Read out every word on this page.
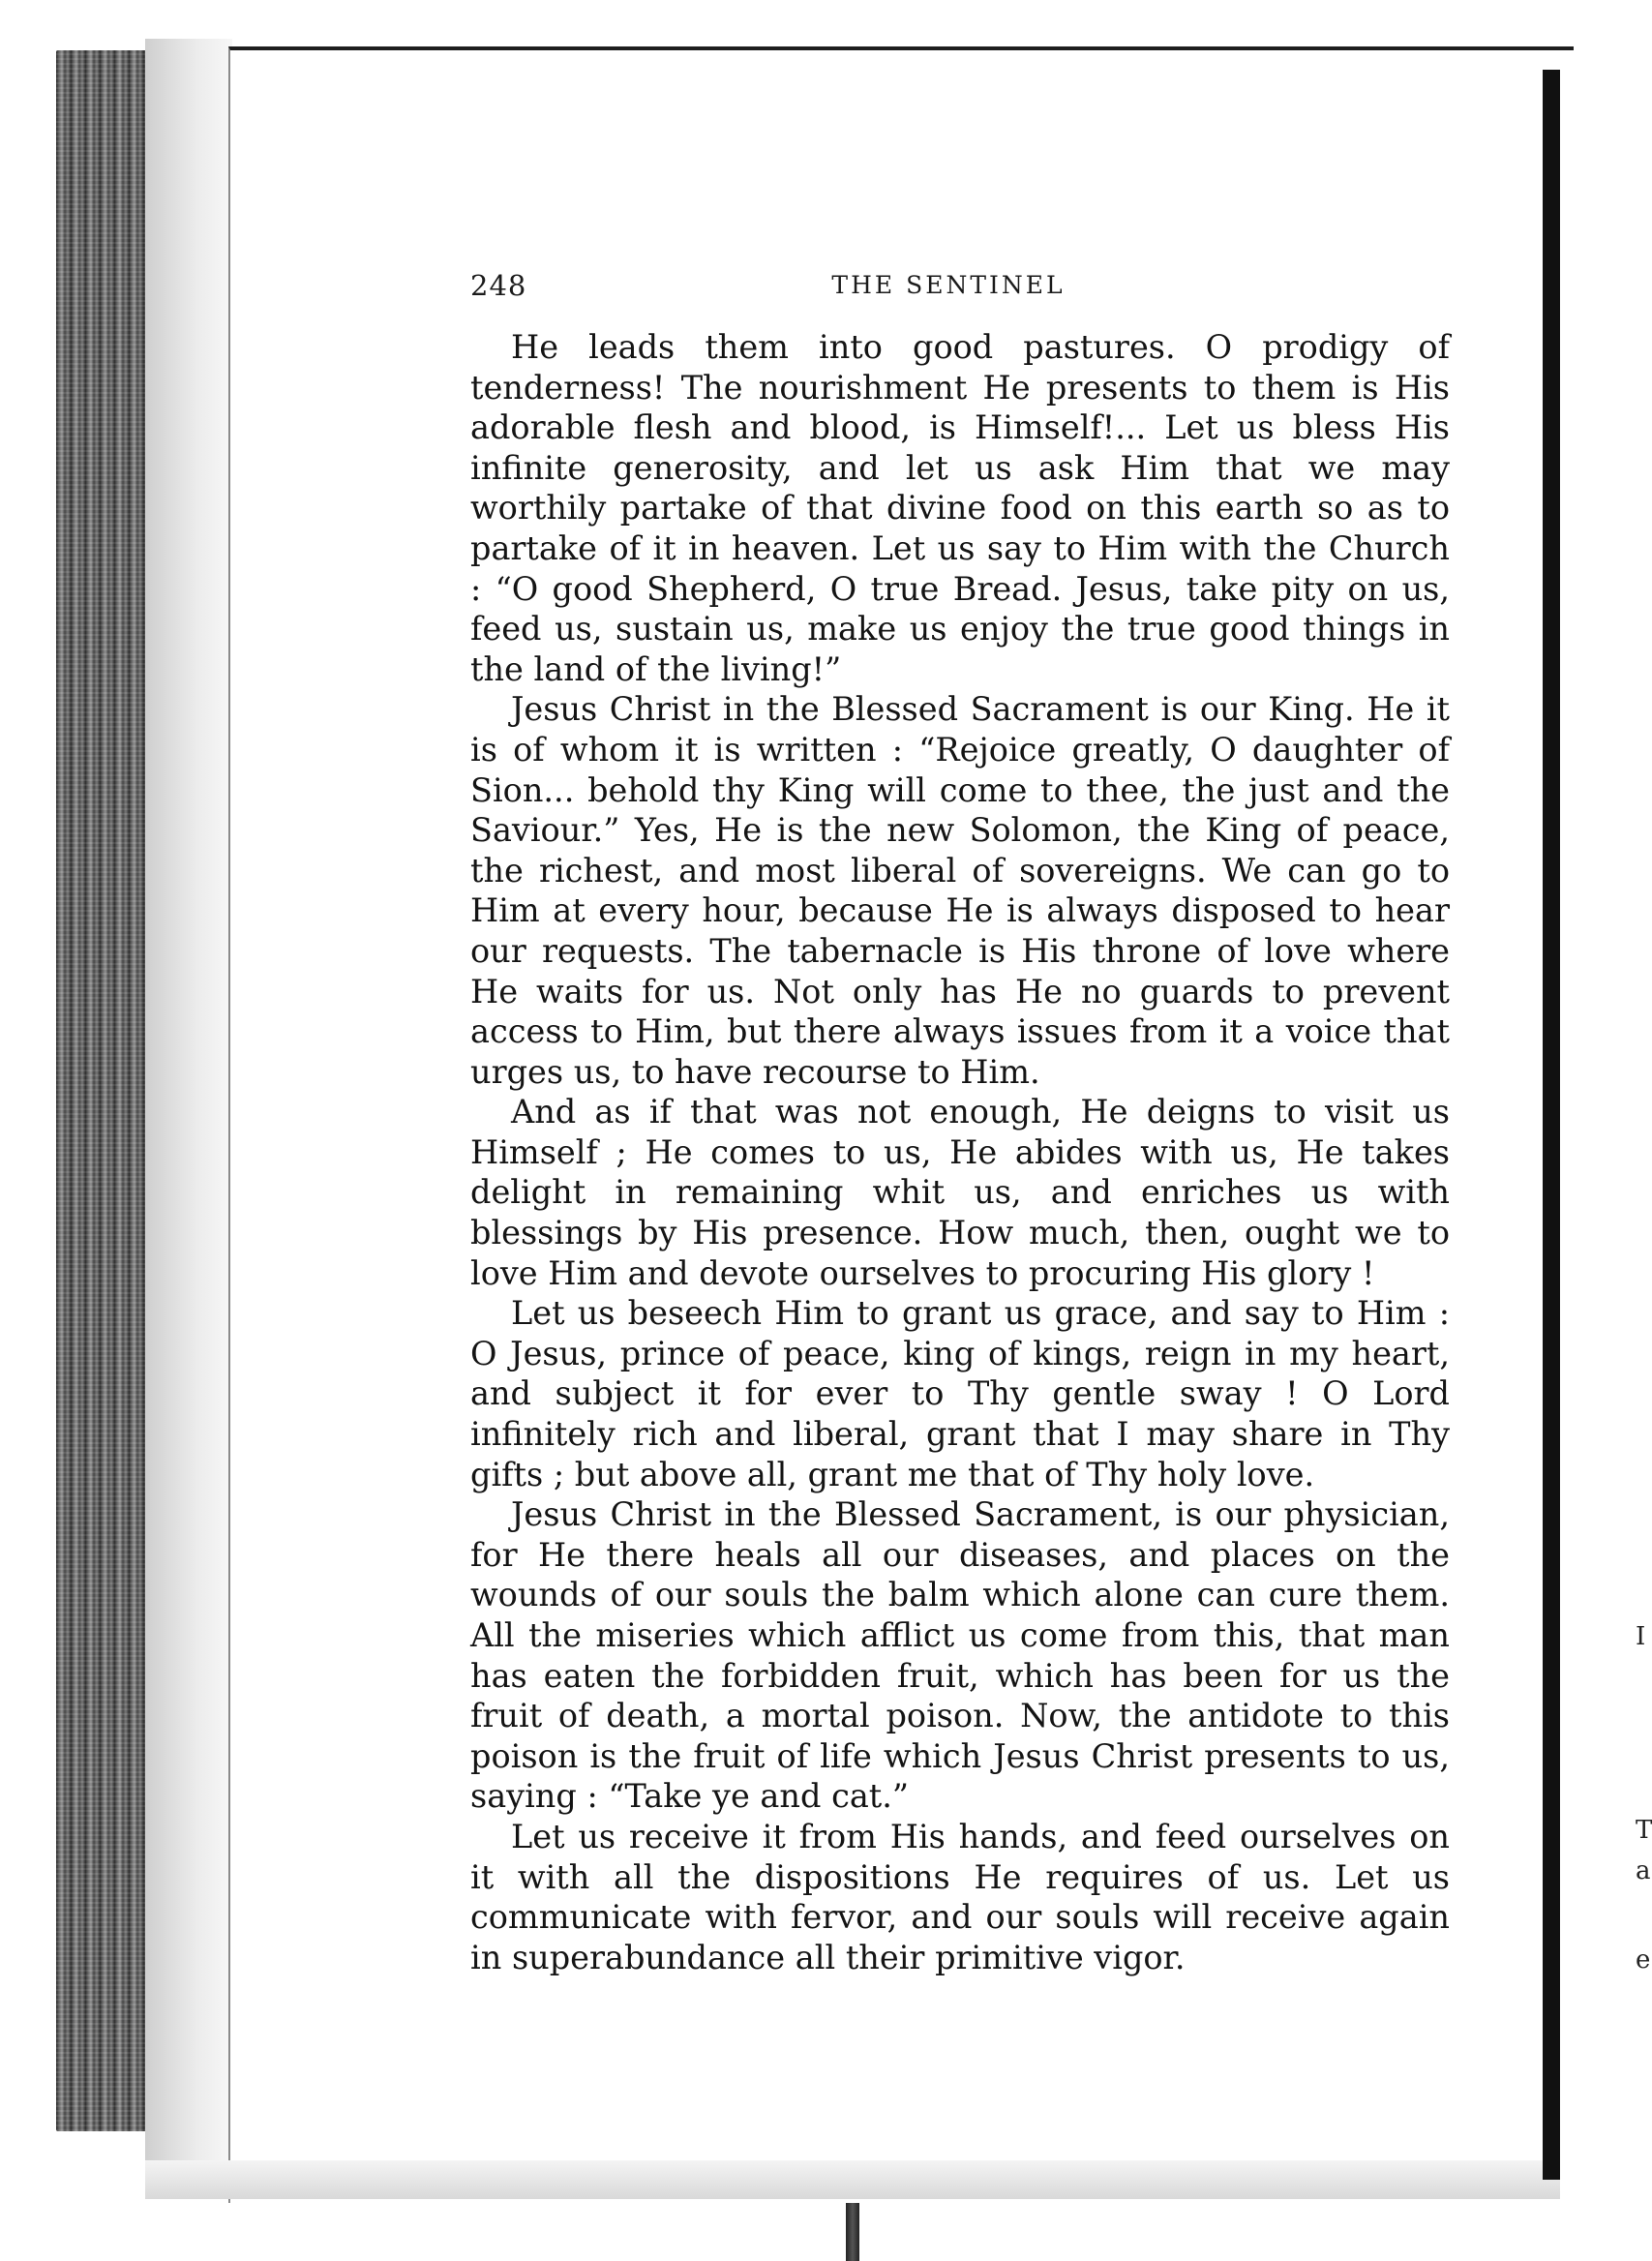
I
T
a
e
248	THE SENTINEL

He leads them into good pastures. O prodigy of tenderness! The nourishment He presents to them is His adorable flesh and blood, is Himself!... Let us bless His infinite generosity, and let us ask Him that we may worthily partake of that divine food on this earth so as to partake of it in heaven. Let us say to Him with the Church : “O good Shepherd, O true Bread. Jesus, take pity on us, feed us, sustain us, make us enjoy the true good things in the land of the living!”

Jesus Christ in the Blessed Sacrament is our King. He it is of whom it is written : “Rejoice greatly, O daughter of Sion... behold thy King will come to thee, the just and the Saviour.” Yes, He is the new Solomon, the King of peace, the richest, and most liberal of sovereigns. We can go to Him at every hour, because He is always disposed to hear our requests. The tabernacle is His throne of love where He waits for us. Not only has He no guards to prevent access to Him, but there always issues from it a voice that urges us, to have recourse to Him.

And as if that was not enough, He deigns to visit us Himself ; He comes to us, He abides with us, He takes delight in remaining whit us, and enriches us with blessings by His presence. How much, then, ought we to love Him and devote ourselves to procuring His glory !

Let us beseech Him to grant us grace, and say to Him : O Jesus, prince of peace, king of kings, reign in my heart, and subject it for ever to Thy gentle sway ! O Lord infinitely rich and liberal, grant that I may share in Thy gifts ; but above all, grant me that of Thy holy love.

Jesus Christ in the Blessed Sacrament, is our physician, for He there heals all our diseases, and places on the wounds of our souls the balm which alone can cure them. All the miseries which afflict us come from this, that man has eaten the forbidden fruit, which has been for us the fruit of death, a mortal poison. Now, the antidote to this poison is the fruit of life which Jesus Christ presents to us, saying : “Take ye and cat.”

Let us receive it from His hands, and feed ourselves on it with all the dispositions He requires of us. Let us communicate with fervor, and our souls will receive again in superabundance all their primitive vigor.
